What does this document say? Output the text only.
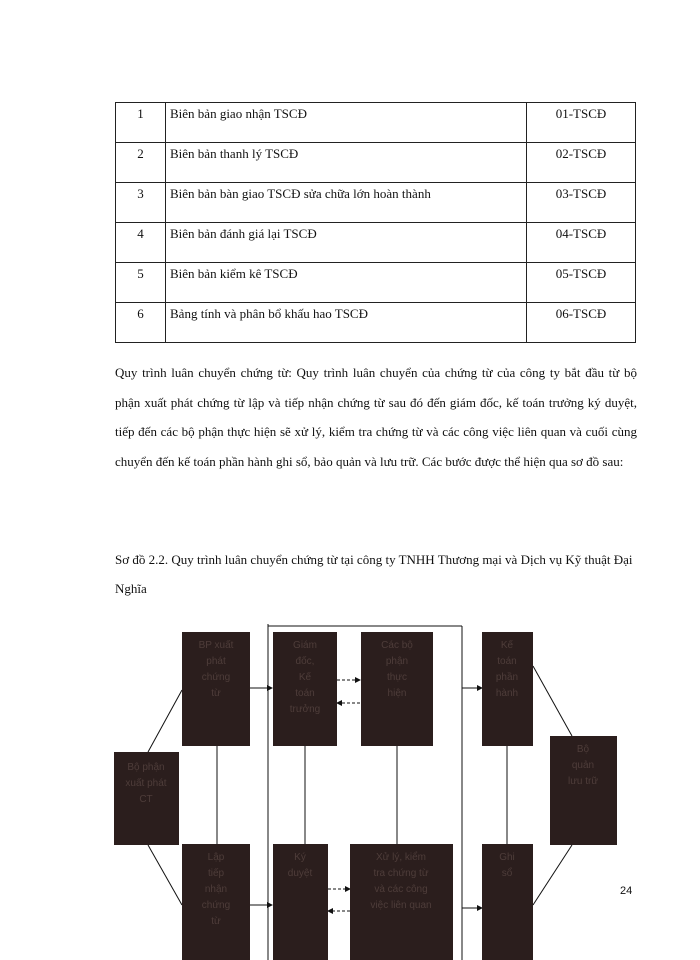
1	Biên bản giao nhận TSCĐ	01-TSCĐ
2	Biên bản thanh lý TSCĐ	02-TSCĐ
3	Biên bản bàn giao TSCĐ sửa chữa lớn hoàn thành	03-TSCĐ
4	Biên bản đánh giá lại TSCĐ	04-TSCĐ
5	Biên bản kiểm kê TSCĐ	05-TSCĐ
6	Bảng tính và phân bổ khấu hao TSCĐ	06-TSCĐ

Quy trình luân chuyển chứng từ: Quy trình luân chuyển của chứng từ của công ty bắt đầu từ bộ phận xuất phát chứng từ lập và tiếp nhận chứng từ sau đó đến giám đốc, kế toán trưởng ký duyệt, tiếp đến các bộ phận thực hiện sẽ xử lý, kiểm tra chứng từ và các công việc liên quan và cuối cùng chuyển đến kế toán phần hành ghi sổ, bảo quản và lưu trữ. Các bước được thể hiện qua sơ đồ sau:

Sơ đồ 2.2. Quy trình luân chuyển chứng từ tại công ty TNHH Thương mại và Dịch vụ Kỹ thuật Đại Nghĩa

Bộ phận xuất phát CT
BP xuất phát chứng từ
Lập tiếp nhận chứng từ
Giám đốc, Kế toán trưởng
Ký duyệt
Các bộ phận thực hiện
Xử lý, kiểm tra chứng từ và các công việc liên quan
Kế toán phần hành
Ghi sổ
Bộ quản lưu trữ
24
